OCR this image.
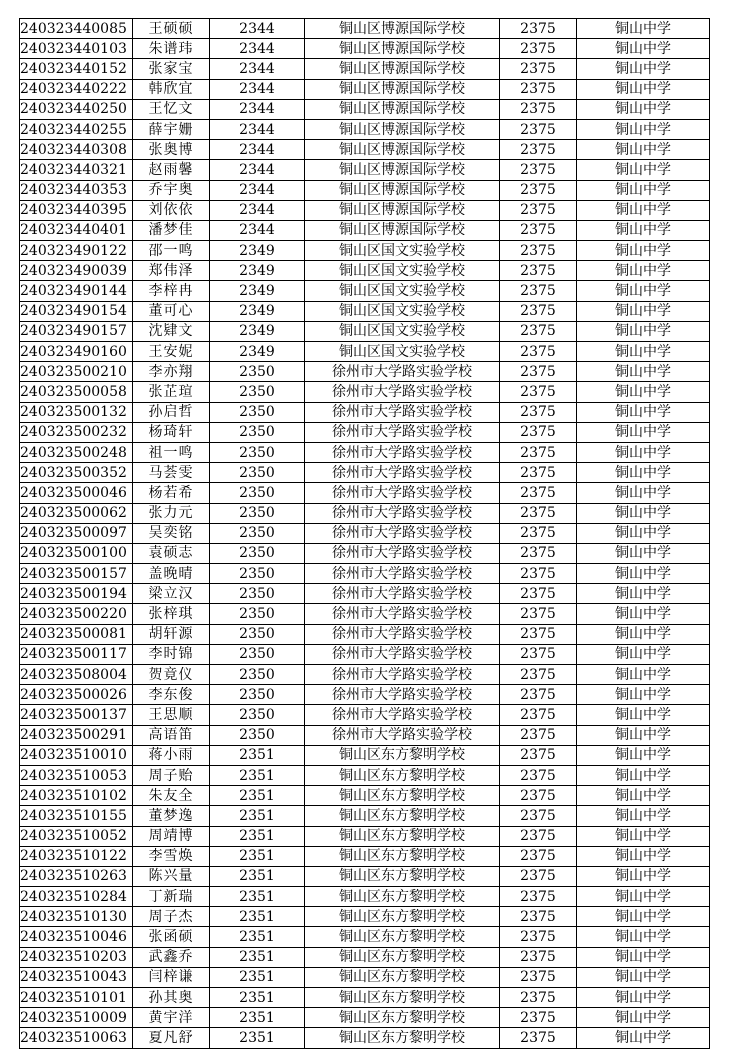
240323440085	王硕硕	2344	铜山区博源国际学校	2375	铜山中学
240323440103	朱谱玮	2344	铜山区博源国际学校	2375	铜山中学
240323440152	张家宝	2344	铜山区博源国际学校	2375	铜山中学
240323440222	韩欣宜	2344	铜山区博源国际学校	2375	铜山中学
240323440250	王忆文	2344	铜山区博源国际学校	2375	铜山中学
240323440255	薛宇姗	2344	铜山区博源国际学校	2375	铜山中学
240323440308	张奥博	2344	铜山区博源国际学校	2375	铜山中学
240323440321	赵雨馨	2344	铜山区博源国际学校	2375	铜山中学
240323440353	乔宇奥	2344	铜山区博源国际学校	2375	铜山中学
240323440395	刘依依	2344	铜山区博源国际学校	2375	铜山中学
240323440401	潘梦佳	2344	铜山区博源国际学校	2375	铜山中学
240323490122	邵一鸣	2349	铜山区国文实验学校	2375	铜山中学
240323490039	郑伟泽	2349	铜山区国文实验学校	2375	铜山中学
240323490144	李梓冉	2349	铜山区国文实验学校	2375	铜山中学
240323490154	董可心	2349	铜山区国文实验学校	2375	铜山中学
240323490157	沈肄文	2349	铜山区国文实验学校	2375	铜山中学
240323490160	王安妮	2349	铜山区国文实验学校	2375	铜山中学
240323500210	李亦翔	2350	徐州市大学路实验学校	2375	铜山中学
240323500058	张芷瑄	2350	徐州市大学路实验学校	2375	铜山中学
240323500132	孙启哲	2350	徐州市大学路实验学校	2375	铜山中学
240323500232	杨琦轩	2350	徐州市大学路实验学校	2375	铜山中学
240323500248	祖一鸣	2350	徐州市大学路实验学校	2375	铜山中学
240323500352	马荟雯	2350	徐州市大学路实验学校	2375	铜山中学
240323500046	杨若希	2350	徐州市大学路实验学校	2375	铜山中学
240323500062	张力元	2350	徐州市大学路实验学校	2375	铜山中学
240323500097	吴奕铭	2350	徐州市大学路实验学校	2375	铜山中学
240323500100	袁硕志	2350	徐州市大学路实验学校	2375	铜山中学
240323500157	盖晚晴	2350	徐州市大学路实验学校	2375	铜山中学
240323500194	梁立汉	2350	徐州市大学路实验学校	2375	铜山中学
240323500220	张梓琪	2350	徐州市大学路实验学校	2375	铜山中学
240323500081	胡轩源	2350	徐州市大学路实验学校	2375	铜山中学
240323500117	李时锦	2350	徐州市大学路实验学校	2375	铜山中学
240323508004	贺竟仪	2350	徐州市大学路实验学校	2375	铜山中学
240323500026	李东俊	2350	徐州市大学路实验学校	2375	铜山中学
240323500137	王思顺	2350	徐州市大学路实验学校	2375	铜山中学
240323500291	高语笛	2350	徐州市大学路实验学校	2375	铜山中学
240323510010	蒋小雨	2351	铜山区东方黎明学校	2375	铜山中学
240323510053	周子贻	2351	铜山区东方黎明学校	2375	铜山中学
240323510102	朱友全	2351	铜山区东方黎明学校	2375	铜山中学
240323510155	董梦逸	2351	铜山区东方黎明学校	2375	铜山中学
240323510052	周靖博	2351	铜山区东方黎明学校	2375	铜山中学
240323510122	李雪焕	2351	铜山区东方黎明学校	2375	铜山中学
240323510263	陈兴量	2351	铜山区东方黎明学校	2375	铜山中学
240323510284	丁新瑞	2351	铜山区东方黎明学校	2375	铜山中学
240323510130	周子杰	2351	铜山区东方黎明学校	2375	铜山中学
240323510046	张函硕	2351	铜山区东方黎明学校	2375	铜山中学
240323510203	武鑫乔	2351	铜山区东方黎明学校	2375	铜山中学
240323510043	闫梓谦	2351	铜山区东方黎明学校	2375	铜山中学
240323510101	孙其奥	2351	铜山区东方黎明学校	2375	铜山中学
240323510009	黄宇洋	2351	铜山区东方黎明学校	2375	铜山中学
240323510063	夏凡舒	2351	铜山区东方黎明学校	2375	铜山中学
